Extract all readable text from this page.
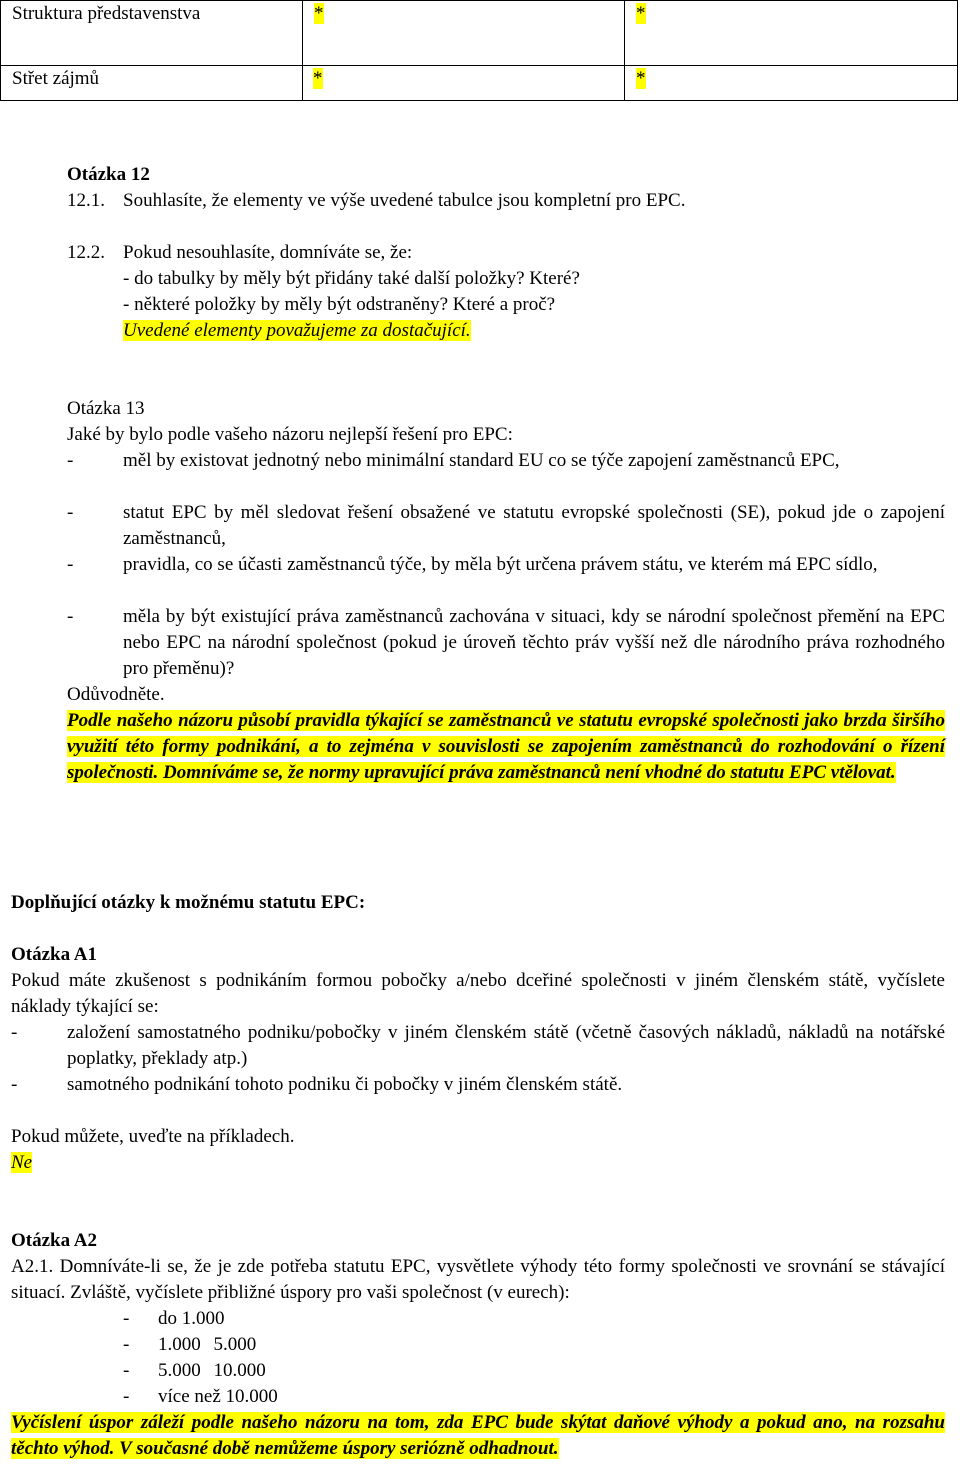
Struktura představenstva	*	*
Střet zájmů	*	*
Otázka 12
12.1. Souhlasíte, že elementy ve výše uvedené tabulce jsou kompletní pro EPC.
12.2. Pokud nesouhlasíte, domníváte se, že:
- do tabulky by měly být přidány také další položky? Které?
- některé položky by měly být odstraněny? Které a proč?
Uvedené elementy považujeme za dostačující.
Otázka 13
Jaké by bylo podle vašeho názoru nejlepší řešení pro EPC:
-	měl by existovat jednotný nebo minimální standard EU co se týče zapojení zaměstnanců EPC,
-	statut EPC by měl sledovat řešení obsažené ve statutu evropské společnosti (SE), pokud jde o zapojení zaměstnanců,
-	pravidla, co se účasti zaměstnanců týče, by měla být určena právem státu, ve kterém má EPC sídlo,
-	měla by být existující práva zaměstnanců zachována v situaci, kdy se národní společnost přemění na EPC nebo EPC na národní společnost (pokud je úroveň těchto práv vyšší než dle národního práva rozhodného pro přeměnu)?
Odůvodněte.
Podle našeho názoru působí pravidla týkající se zaměstnanců ve statutu evropské společnosti jako brzda širšího využití této formy podnikání, a to zejména v souvislosti se zapojením zaměstnanců do rozhodování o řízení společnosti. Domníváme se, že normy upravující práva zaměstnanců není vhodné do statutu EPC vtělovat.
Doplňující otázky k možnému statutu EPC:
Otázka A1
Pokud máte zkušenost s podnikáním formou pobočky a/nebo dceřiné společnosti v jiném členském státě, vyčíslete náklady týkající se:
-	založení samostatného podniku/pobočky v jiném členském státě (včetně časových nákladů, nákladů na notářské poplatky, překlady atp.)
-	samotného podnikání tohoto podniku či pobočky v jiném členském státě.
Pokud můžete, uveďte na příkladech.
Ne
Otázka A2
A2.1. Domníváte-li se, že je zde potřeba statutu EPC, vysvětlete výhody této formy společnosti ve srovnání se stávající situací. Zvláště, vyčíslete přibližné úspory pro vaši společnost (v eurech):
- do 1.000
- 1.000 5.000
- 5.000 10.000
- více než 10.000
Vyčíslení úspor záleží podle našeho názoru na tom, zda EPC bude skýtat daňové výhody a pokud ano, na rozsahu těchto výhod. V současné době nemůžeme úspory seriózně odhadnout.
